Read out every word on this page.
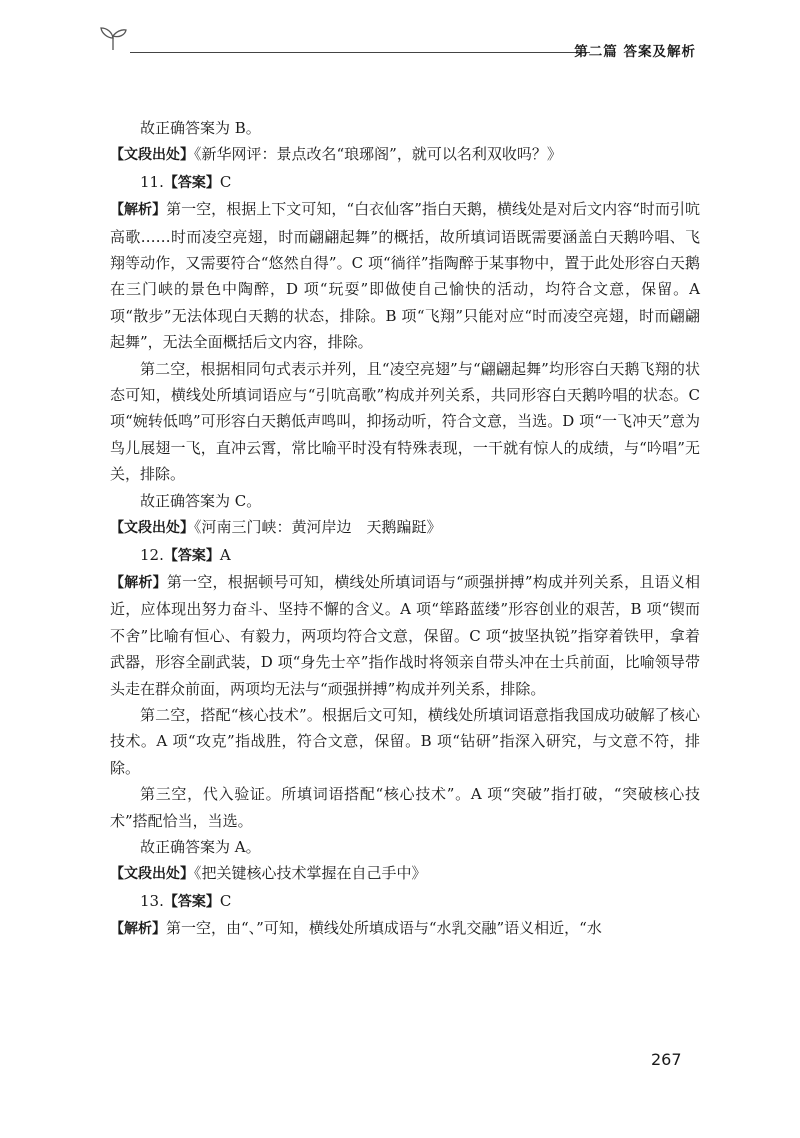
第二篇 答案及解析

故正确答案为 B。

【文段出处】《新华网评：景点改名“琅琊阁”，就可以名利双收吗？》

11.【答案】C

【解析】第一空，根据上下文可知，“白衣仙客”指白天鹅，横线处是对后文内容“时而引吭高歌……时而凌空亮翅，时而翩翩起舞”的概括，故所填词语既需要涵盖白天鹅吟唱、飞翔等动作，又需要符合“悠然自得”。C 项“徜徉”指陶醉于某事物中，置于此处形容白天鹅在三门峡的景色中陶醉，D 项“玩耍”即做使自己愉快的活动，均符合文意，保留。A 项“散步”无法体现白天鹅的状态，排除。B 项“飞翔”只能对应“时而凌空亮翅，时而翩翩起舞”，无法全面概括后文内容，排除。

第二空，根据相同句式表示并列，且“凌空亮翅”与“翩翩起舞”均形容白天鹅飞翔的状态可知，横线处所填词语应与“引吭高歌”构成并列关系，共同形容白天鹅吟唱的状态。C 项“婉转低鸣”可形容白天鹅低声鸣叫，抑扬动听，符合文意，当选。D 项“一飞冲天”意为鸟儿展翅一飞，直冲云霄，常比喻平时没有特殊表现，一干就有惊人的成绩，与“吟唱”无关，排除。

故正确答案为 C。

【文段出处】《河南三门峡：黄河岸边　天鹅蹁跹》

12.【答案】A

【解析】第一空，根据顿号可知，横线处所填词语与“顽强拼搏”构成并列关系，且语义相近，应体现出努力奋斗、坚持不懈的含义。A 项“筚路蓝缕”形容创业的艰苦，B 项“锲而不舍”比喻有恒心、有毅力，两项均符合文意，保留。C 项“披坚执锐”指穿着铁甲，拿着武器，形容全副武装，D 项“身先士卒”指作战时将领亲自带头冲在士兵前面，比喻领导带头走在群众前面，两项均无法与“顽强拼搏”构成并列关系，排除。

第二空，搭配“核心技术”。根据后文可知，横线处所填词语意指我国成功破解了核心技术。A 项“攻克”指战胜，符合文意，保留。B 项“钻研”指深入研究，与文意不符，排除。

第三空，代入验证。所填词语搭配“核心技术”。A 项“突破”指打破，“突破核心技术”搭配恰当，当选。

故正确答案为 A。

【文段出处】《把关键核心技术掌握在自己手中》

13.【答案】C

【解析】第一空，由“、”可知，横线处所填成语与“水乳交融”语义相近，“水

267
